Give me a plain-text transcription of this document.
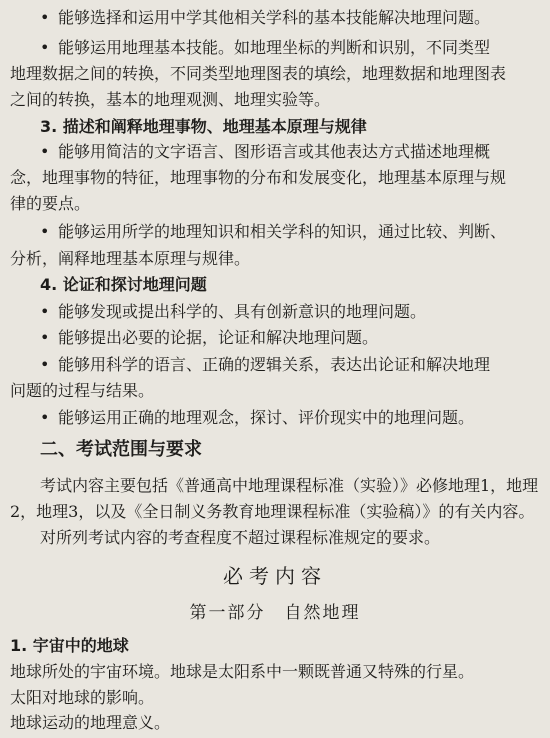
• 能够选择和运用中学其他相关学科的基本技能解决地理问题。
• 能够运用地理基本技能。如地理坐标的判断和识别，不同类型
地理数据之间的转换，不同类型地理图表的填绘，地理数据和地理图表
之间的转换，基本的地理观测、地理实验等。
3. 描述和阐释地理事物、地理基本原理与规律
• 能够用简洁的文字语言、图形语言或其他表达方式描述地理概
念，地理事物的特征，地理事物的分布和发展变化，地理基本原理与规
律的要点。
• 能够运用所学的地理知识和相关学科的知识，通过比较、判断、
分析，阐释地理基本原理与规律。
4. 论证和探讨地理问题
• 能够发现或提出科学的、具有创新意识的地理问题。
• 能够提出必要的论据，论证和解决地理问题。
• 能够用科学的语言、正确的逻辑关系，表达出论证和解决地理
问题的过程与结果。
• 能够运用正确的地理观念，探讨、评价现实中的地理问题。
二、考试范围与要求
考试内容主要包括《普通高中地理课程标准（实验）》必修地理1，地理
2，地理3，以及《全日制义务教育地理课程标准（实验稿）》的有关内容。
对所列考试内容的考查程度不超过课程标准规定的要求。
必考内容
第一部分　自然地理
1. 宇宙中的地球
地球所处的宇宙环境。地球是太阳系中一颗既普通又特殊的行星。
太阳对地球的影响。
地球运动的地理意义。
